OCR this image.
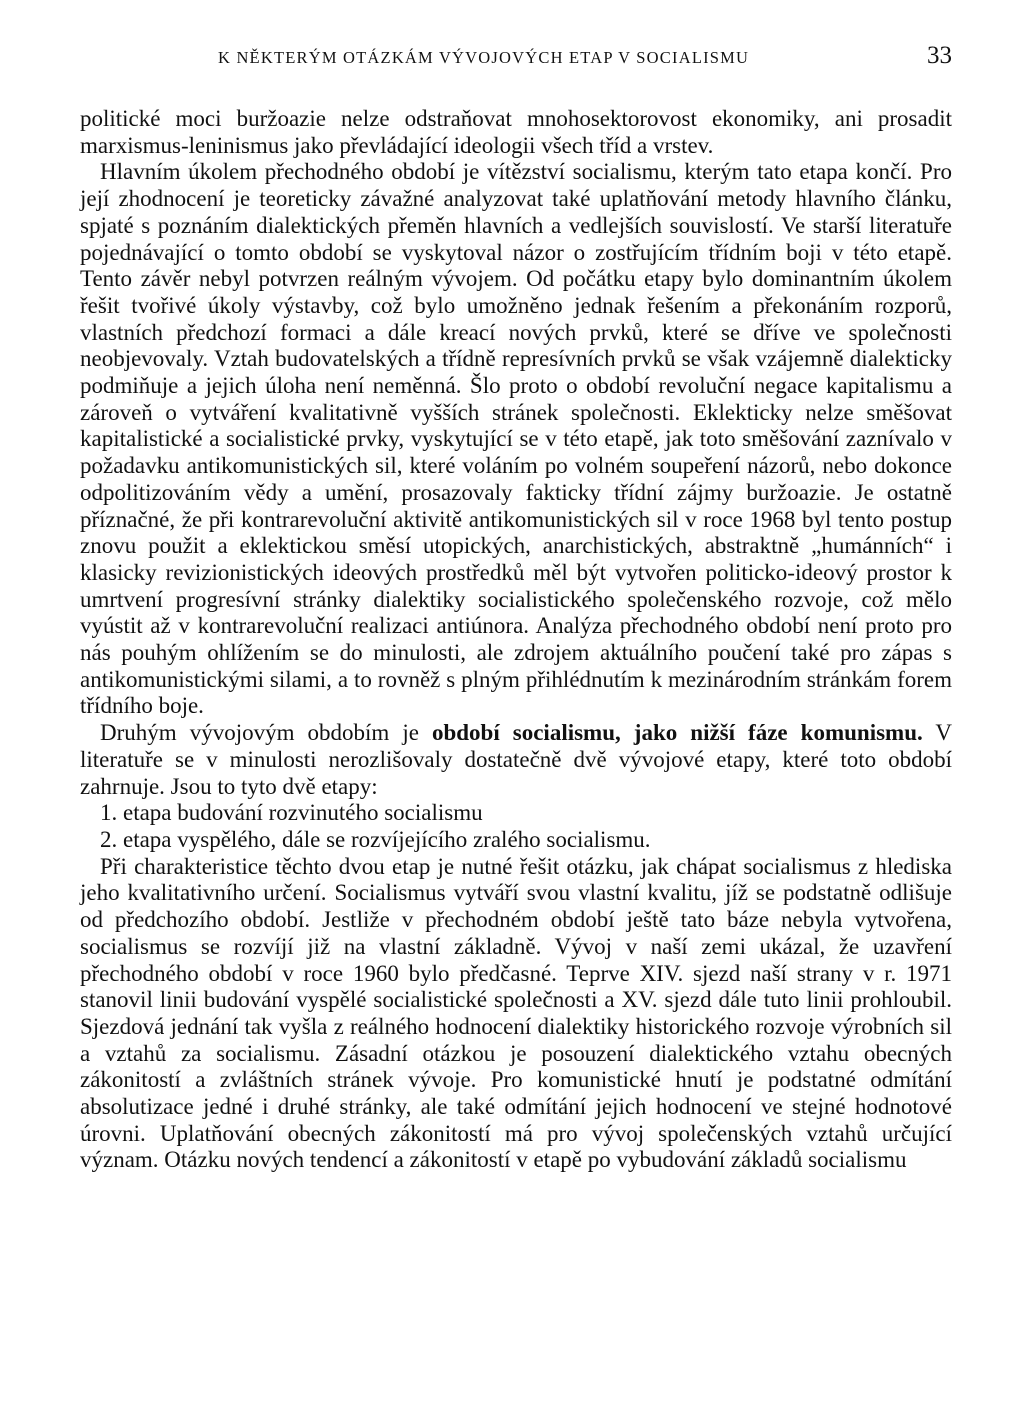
K NĚKTERÝM OTÁZKÁM VÝVOJOVÝCH ETAP V SOCIALISMU	33

politické moci buržoazie nelze odstraňovat mnohosektorovost ekonomiky, ani prosadit marxismus-leninismus jako převládající ideologii všech tříd a vrstev.

Hlavním úkolem přechodného období je vítězství socialismu, kterým tato etapa končí. Pro její zhodnocení je teoreticky závažné analyzovat také uplatňování metody hlavního článku, spjaté s poznáním dialektických přeměn hlavních a vedlejších souvislostí. Ve starší literatuře pojednávající o tomto období se vyskytoval názor o zostřujícím třídním boji v této etapě. Tento závěr nebyl potvrzen reálným vývojem. Od počátku etapy bylo dominantním úkolem řešit tvořivé úkoly výstavby, což bylo umožněno jednak řešením a překonáním rozporů, vlastních předchozí formaci a dále kreací nových prvků, které se dříve ve společnosti neobjevovaly. Vztah budovatelských a třídně represívních prvků se však vzájemně dialekticky podmiňuje a jejich úloha není neměnná. Šlo proto o období revoluční negace kapitalismu a zároveň o vytváření kvalitativně vyšších stránek společnosti. Eklekticky nelze směšovat kapitalistické a socialistické prvky, vyskytující se v této etapě, jak toto směšování zaznívalo v požadavku antikomunistických sil, které voláním po volném soupeření názorů, nebo dokonce odpolitizováním vědy a umění, prosazovaly fakticky třídní zájmy buržoazie. Je ostatně příznačné, že při kontrarevoluční aktivitě antikomunistických sil v roce 1968 byl tento postup znovu použit a eklektickou směsí utopických, anarchistických, abstraktně „humánních“ i klasicky revizionistických ideových prostředků měl být vytvořen politicko-ideový prostor k umrtvení progresívní stránky dialektiky socialistického společenského rozvoje, což mělo vyústit až v kontrarevoluční realizaci antiúnora. Analýza přechodného období není proto pro nás pouhým ohlížením se do minulosti, ale zdrojem aktuálního poučení také pro zápas s antikomunistickými silami, a to rovněž s plným přihlédnutím k mezinárodním stránkám forem třídního boje.

Druhým vývojovým obdobím je období socialismu, jako nižší fáze komunismu. V literatuře se v minulosti nerozlišovaly dostatečně dvě vývojové etapy, které toto období zahrnuje. Jsou to tyto dvě etapy:

1. etapa budování rozvinutého socialismu

2. etapa vyspělého, dále se rozvíjejícího zralého socialismu.

Při charakteristice těchto dvou etap je nutné řešit otázku, jak chápat socialismus z hlediska jeho kvalitativního určení. Socialismus vytváří svou vlastní kvalitu, jíž se podstatně odlišuje od předchozího období. Jestliže v přechodném období ještě tato báze nebyla vytvořena, socialismus se rozvíjí již na vlastní základně. Vývoj v naší zemi ukázal, že uzavření přechodného období v roce 1960 bylo předčasné. Teprve XIV. sjezd naší strany v r. 1971 stanovil linii budování vyspělé socialistické společnosti a XV. sjezd dále tuto linii prohloubil. Sjezdová jednání tak vyšla z reálného hodnocení dialektiky historického rozvoje výrobních sil a vztahů za socialismu. Zásadní otázkou je posouzení dialektického vztahu obecných zákonitostí a zvláštních stránek vývoje. Pro komunistické hnutí je podstatné odmítání absolutizace jedné i druhé stránky, ale také odmítání jejich hodnocení ve stejné hodnotové úrovni. Uplatňování obecných zákonitostí má pro vývoj společenských vztahů určující význam. Otázku nových tendencí a zákonitostí v etapě po vybudování základů socialismu
